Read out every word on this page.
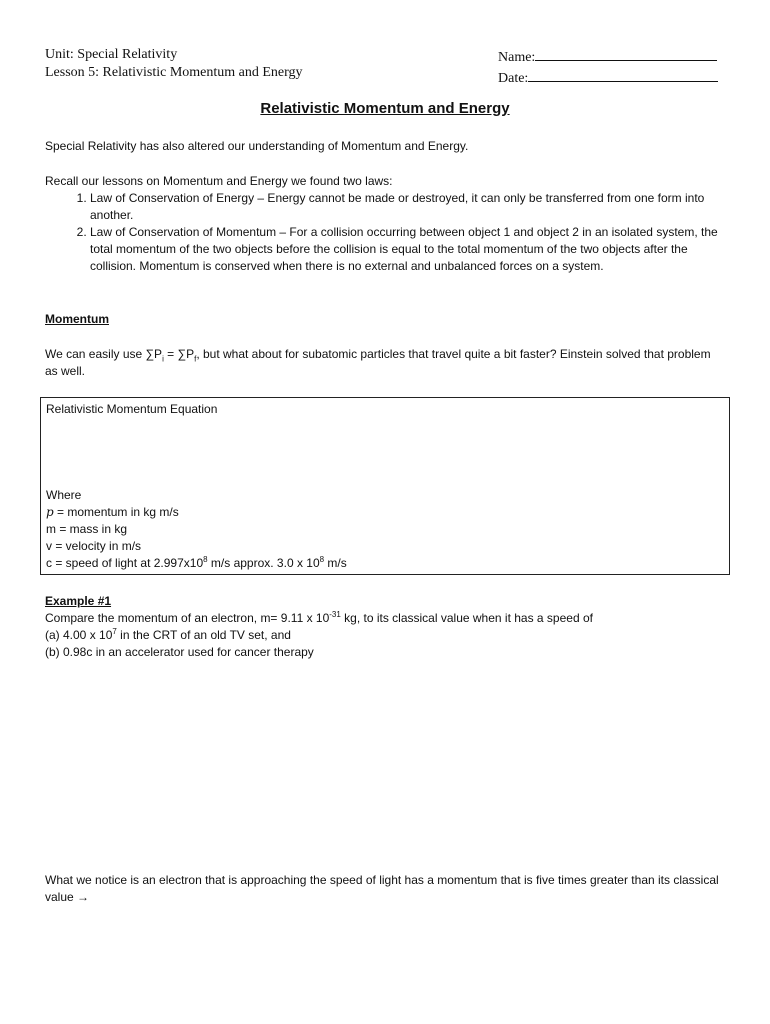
Unit: Special Relativity
Lesson 5: Relativistic Momentum and Energy
Name:
Date:
Relativistic Momentum and Energy
Special Relativity has also altered our understanding of Momentum and Energy.
Recall our lessons on Momentum and Energy we found two laws:
1. Law of Conservation of Energy – Energy cannot be made or destroyed, it can only be transferred from one form into another.
2. Law of Conservation of Momentum – For a collision occurring between object 1 and object 2 in an isolated system, the total momentum of the two objects before the collision is equal to the total momentum of the two objects after the collision. Momentum is conserved when there is no external and unbalanced forces on a system.
Momentum
We can easily use $\sum P_i = \sum P_f$, but what about for subatomic particles that travel quite a bit faster? Einstein solved that problem as well.
Relativistic Momentum Equation
Where
p = momentum in kg m/s
m = mass in kg
v = velocity in m/s
c = speed of light at $2.997x10^8$ m/s approx. 3.0 x $10^8$ m/s
Example #1
Compare the momentum of an electron, m= 9.11 x $10^{-31}$ kg, to its classical value when it has a speed of
(a) 4.00 x $10^7$ in the CRT of an old TV set, and
(b) 0.98c in an accelerator used for cancer therapy
What we notice is an electron that is approaching the speed of light has a momentum that is five times greater than its classical value →
